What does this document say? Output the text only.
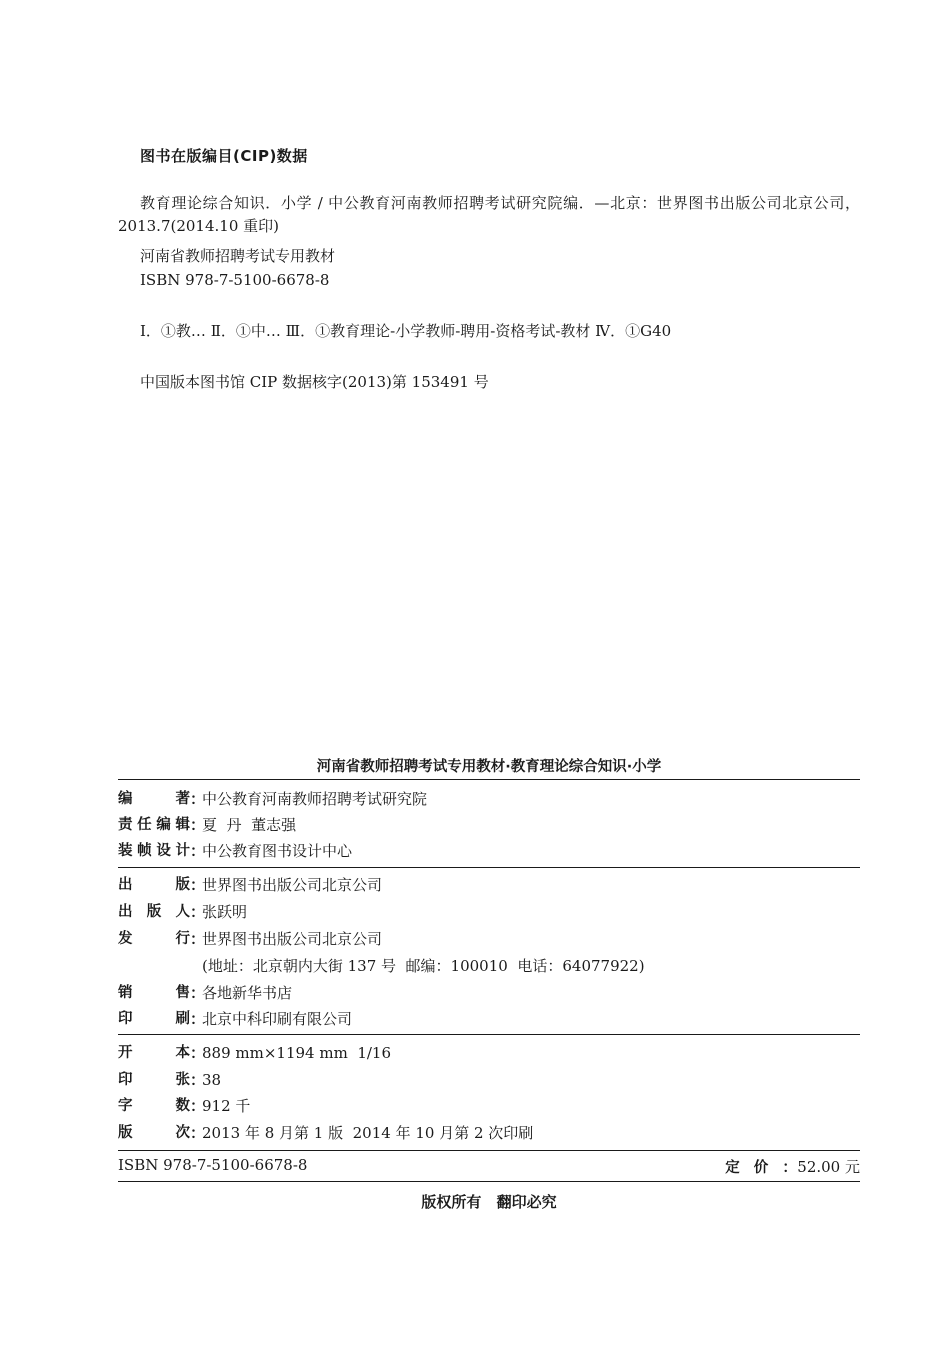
图书在版编目(CIP)数据
教育理论综合知识．小学 / 中公教育河南教师招聘考试研究院编．—北京：世界图书出版公司北京公司，2013.7(2014.10 重印)
河南省教师招聘考试专用教材
ISBN 978-7-5100-6678-8
Ⅰ．①教… Ⅱ．①中… Ⅲ．①教育理论-小学教师-聘用-资格考试-教材 Ⅳ．①G40
中国版本图书馆 CIP 数据核字(2013)第 153491 号
河南省教师招聘考试专用教材·教育理论综合知识·小学
编著：中公教育河南教师招聘考试研究院
责任编辑：夏  丹  董志强
装帧设计：中公教育图书设计中心
出版：世界图书出版公司北京公司
出版人：张跃明
发行：世界图书出版公司北京公司
(地址：北京朝内大街 137 号  邮编：100010  电话：64077922)
销售：各地新华书店
印刷：北京中科印刷有限公司
开本：889 mm×1194 mm  1/16
印张：38
字数：912 千
版次：2013 年 8 月第 1 版  2014 年 10 月第 2 次印刷
ISBN 978-7-5100-6678-8	定价：52.00 元
版权所有 翻印必究
